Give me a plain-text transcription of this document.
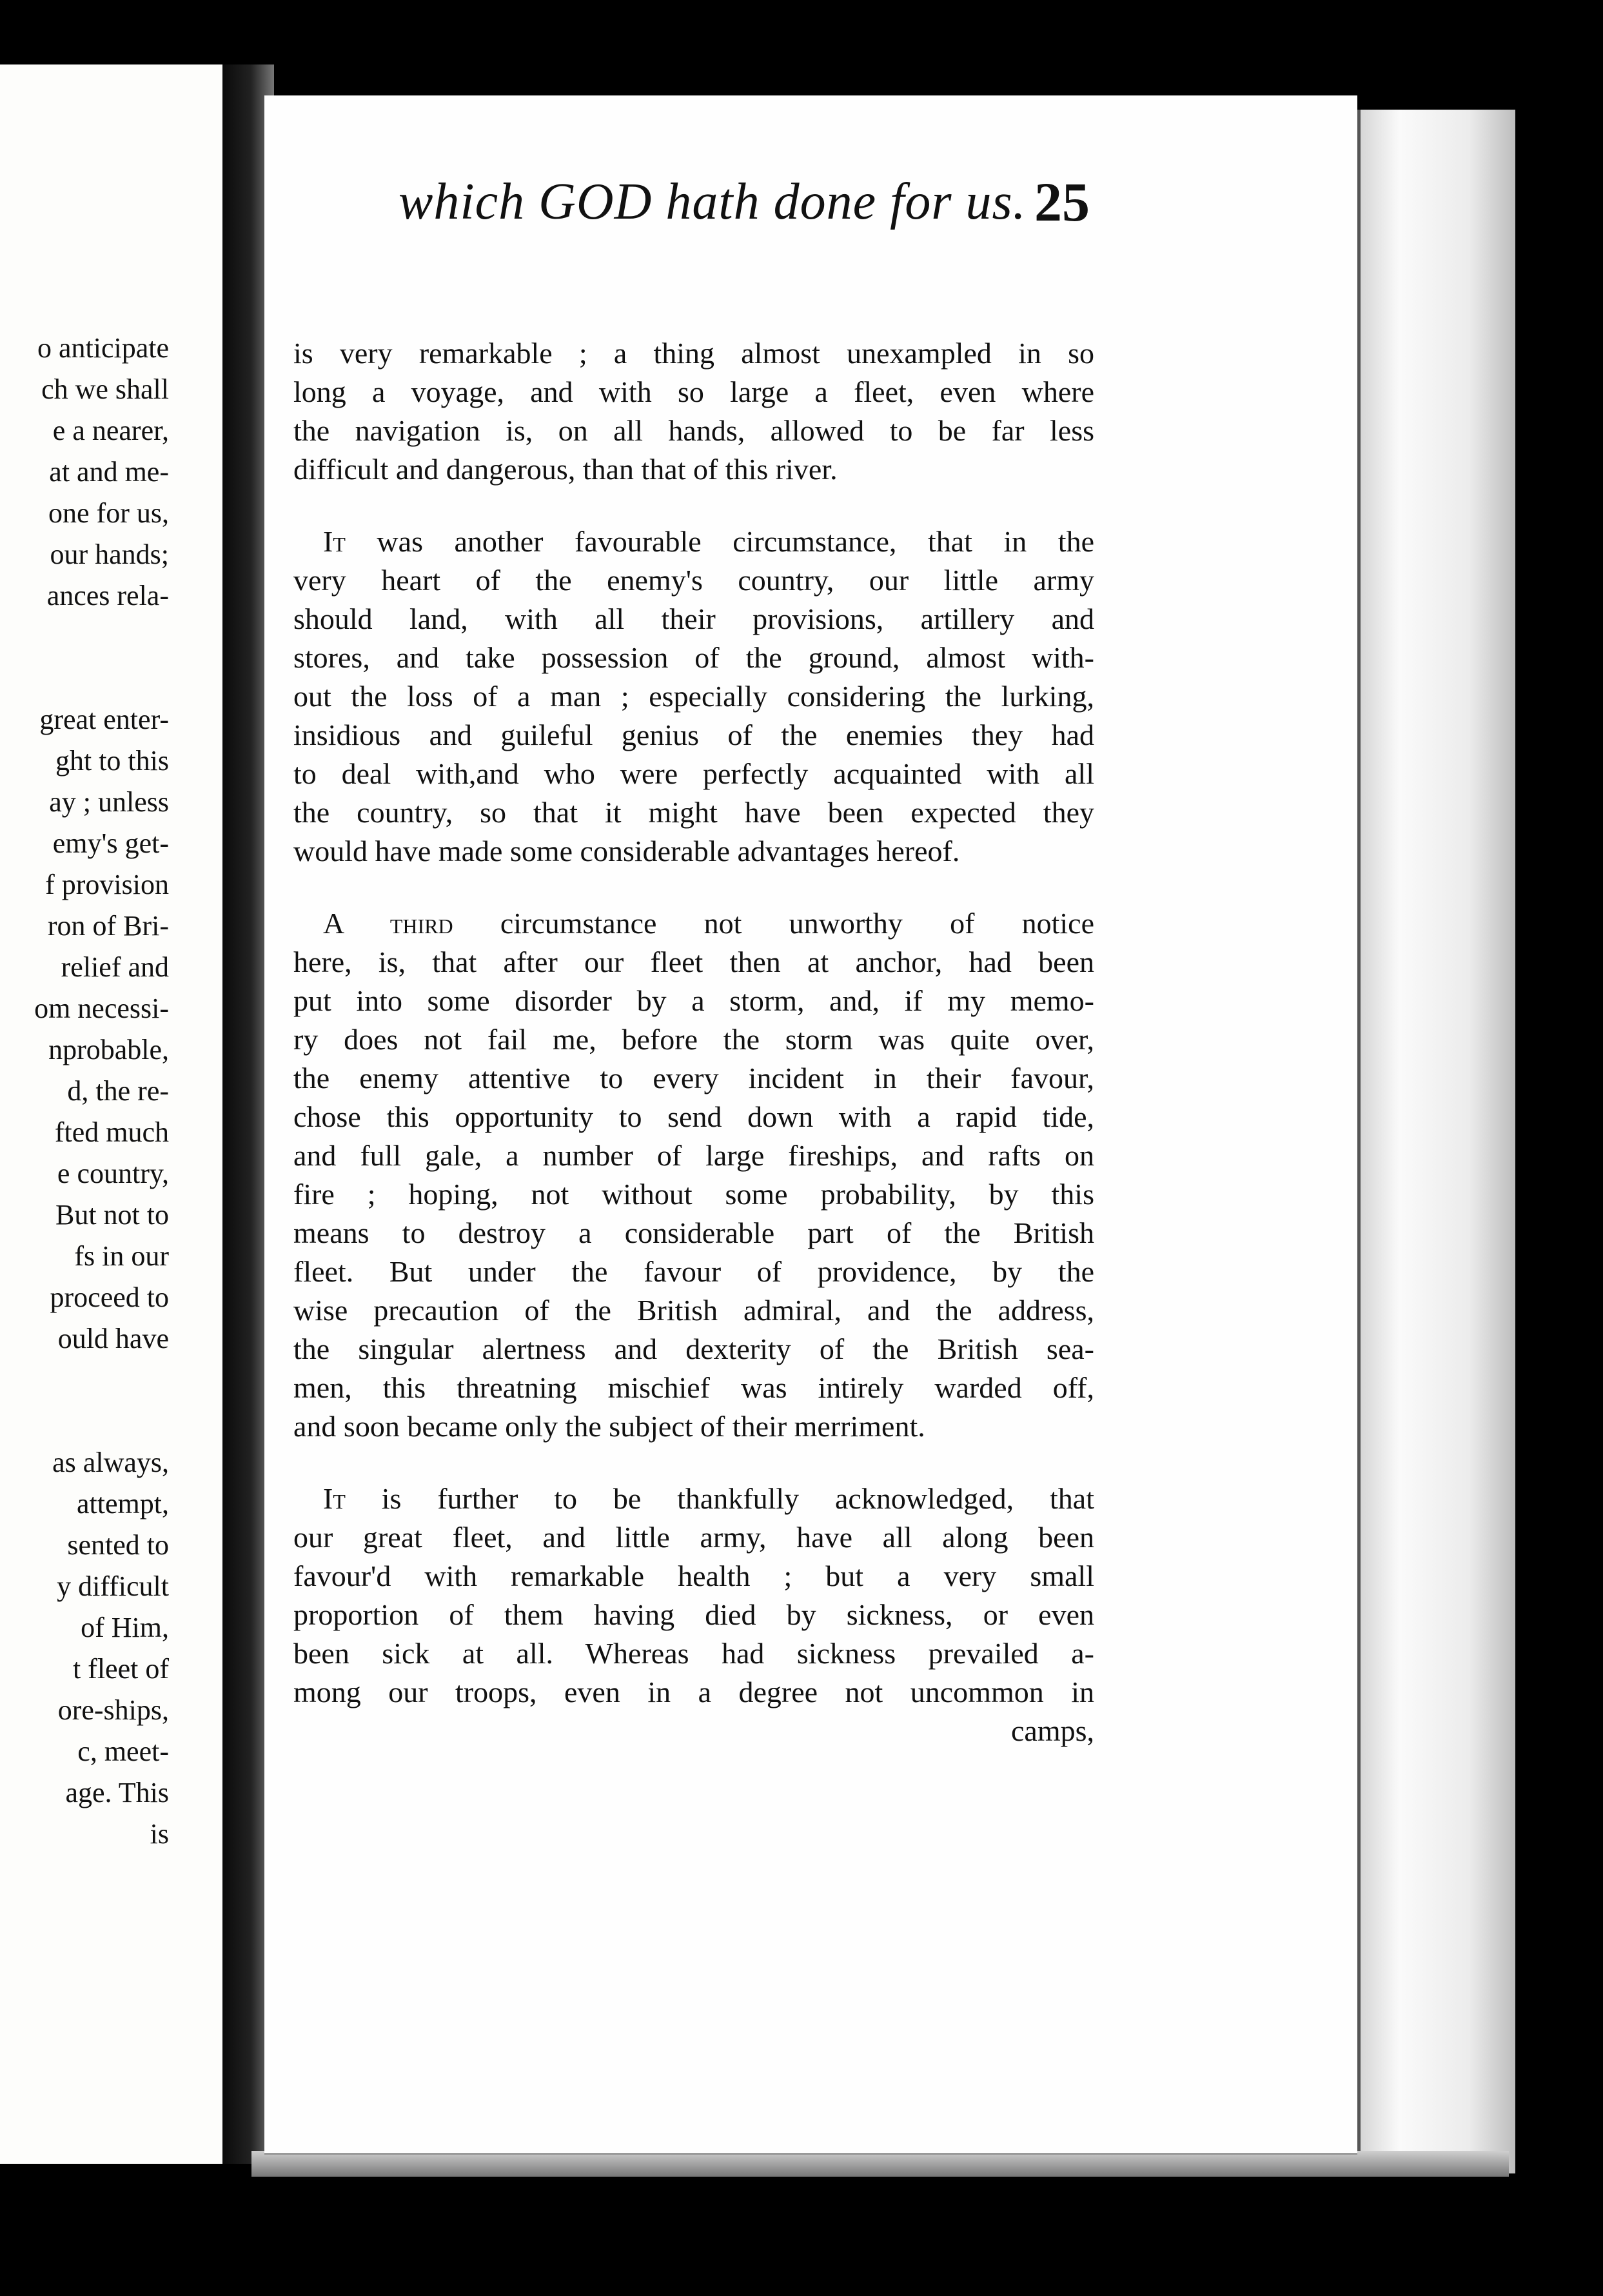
o anticipate
ch we shall
e a nearer,
at and me-
one for us,
our hands;
ances rela-
great enter-
ght to this
ay ; unless
emy's get-
f provision
ron of Bri-
relief and
om necessi-
nprobable,
d, the re-
fted much
e country,
But not to
fs in our
proceed to
ould have
as always,
attempt,
sented to
y difficult
of Him,
t fleet of
ore-ships,
c, meet-
age. This
is
which GOD hath done for us. 25
is very remarkable ; a thing almost unexampled in so
long a voyage, and with so large a fleet, even where
the navigation is, on all hands, allowed to be far less
difficult and dangerous, than that of this river.
 It was another favourable circumstance, that in the
very heart of the enemy's country, our little army
should land, with all their provisions, artillery and
stores, and take possession of the ground, almost with-
out the loss of a man ; especially considering the lurking,
insidious and guileful genius of the enemies they had
to deal with,and who were perfectly acquainted with all
the country, so that it might have been expected they
would have made some considerable advantages hereof.
 A third circumstance not unworthy of notice
here, is, that after our fleet then at anchor, had been
put into some disorder by a storm, and, if my memo-
ry does not fail me, before the storm was quite over,
the enemy attentive to every incident in their favour,
chose this opportunity to send down with a rapid tide,
and full gale, a number of large fireships, and rafts on
fire ; hoping, not without some probability, by this
means to destroy a considerable part of the British
fleet. But under the favour of providence, by the
wise precaution of the British admiral, and the address,
the singular alertness and dexterity of the British sea-
men, this threatning mischief was intirely warded off,
and soon became only the subject of their merriment.
 It is further to be thankfully acknowledged, that
our great fleet, and little army, have all along been
favour'd with remarkable health ; but a very small
proportion of them having died by sickness, or even
been sick at all. Whereas had sickness prevailed a-
mong our troops, even in a degree not uncommon in
camps,
